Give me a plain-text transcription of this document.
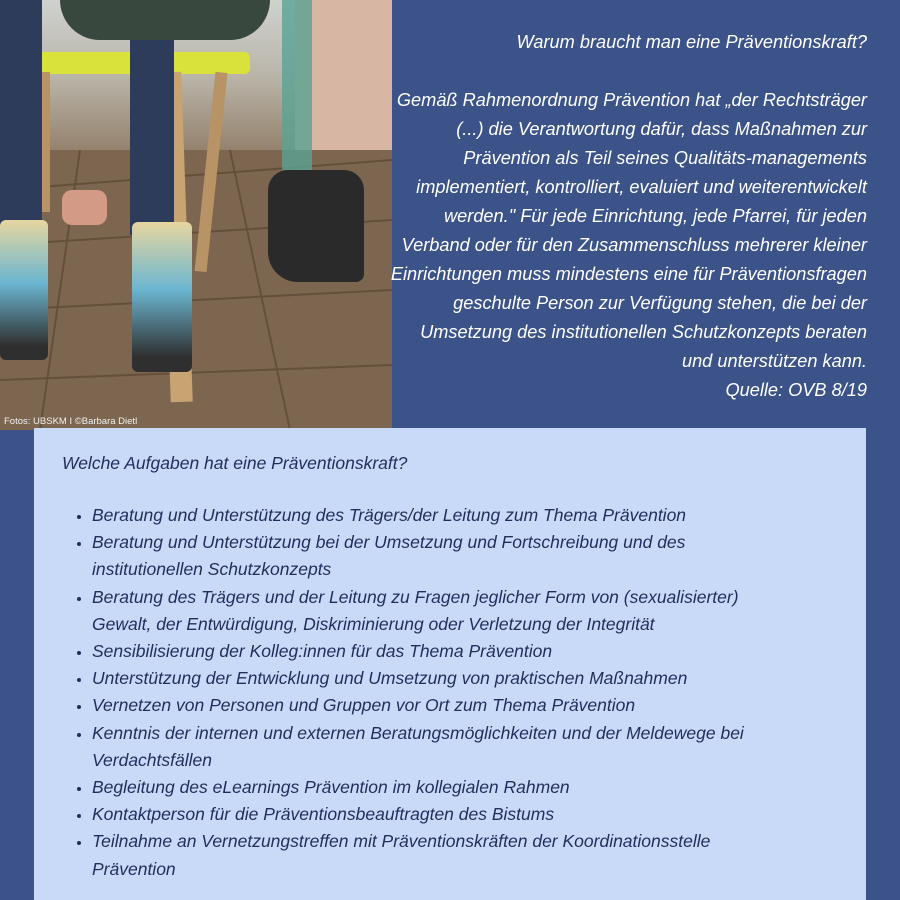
Fotos: UBSKM I ©Barbara Dietl
Warum braucht man eine Präventionskraft?
Gemäß Rahmenordnung Prävention hat „der Rechtsträger
(...) die Verantwortung dafür, dass Maßnahmen zur
Prävention als Teil seines Qualitäts-managements
implementiert, kontrolliert, evaluiert und weiterentwickelt
werden." Für jede Einrichtung, jede Pfarrei, für jeden
Verband oder für den Zusammenschluss mehrerer kleiner
Einrichtungen muss mindestens eine für Präventionsfragen
geschulte Person zur Verfügung stehen, die bei der
Umsetzung des institutionellen Schutzkonzepts beraten
und unterstützen kann.
Quelle: OVB 8/19
Welche Aufgaben hat eine Präventionskraft?
• Beratung und Unterstützung des Trägers/der Leitung zum Thema Prävention
• Beratung und Unterstützung bei der Umsetzung und Fortschreibung und des
institutionellen Schutzkonzepts
• Beratung des Trägers und der Leitung zu Fragen jeglicher Form von (sexualisierter)
Gewalt, der Entwürdigung, Diskriminierung oder Verletzung der Integrität
• Sensibilisierung der Kolleg:innen für das Thema Prävention
• Unterstützung der Entwicklung und Umsetzung von praktischen Maßnahmen
• Vernetzen von Personen und Gruppen vor Ort zum Thema Prävention
• Kenntnis der internen und externen Beratungsmöglichkeiten und der Meldewege bei
Verdachtsfällen
• Begleitung des eLearnings Prävention im kollegialen Rahmen
• Kontaktperson für die Präventionsbeauftragten des Bistums
• Teilnahme an Vernetzungstreffen mit Präventionskräften der Koordinationsstelle
Prävention
